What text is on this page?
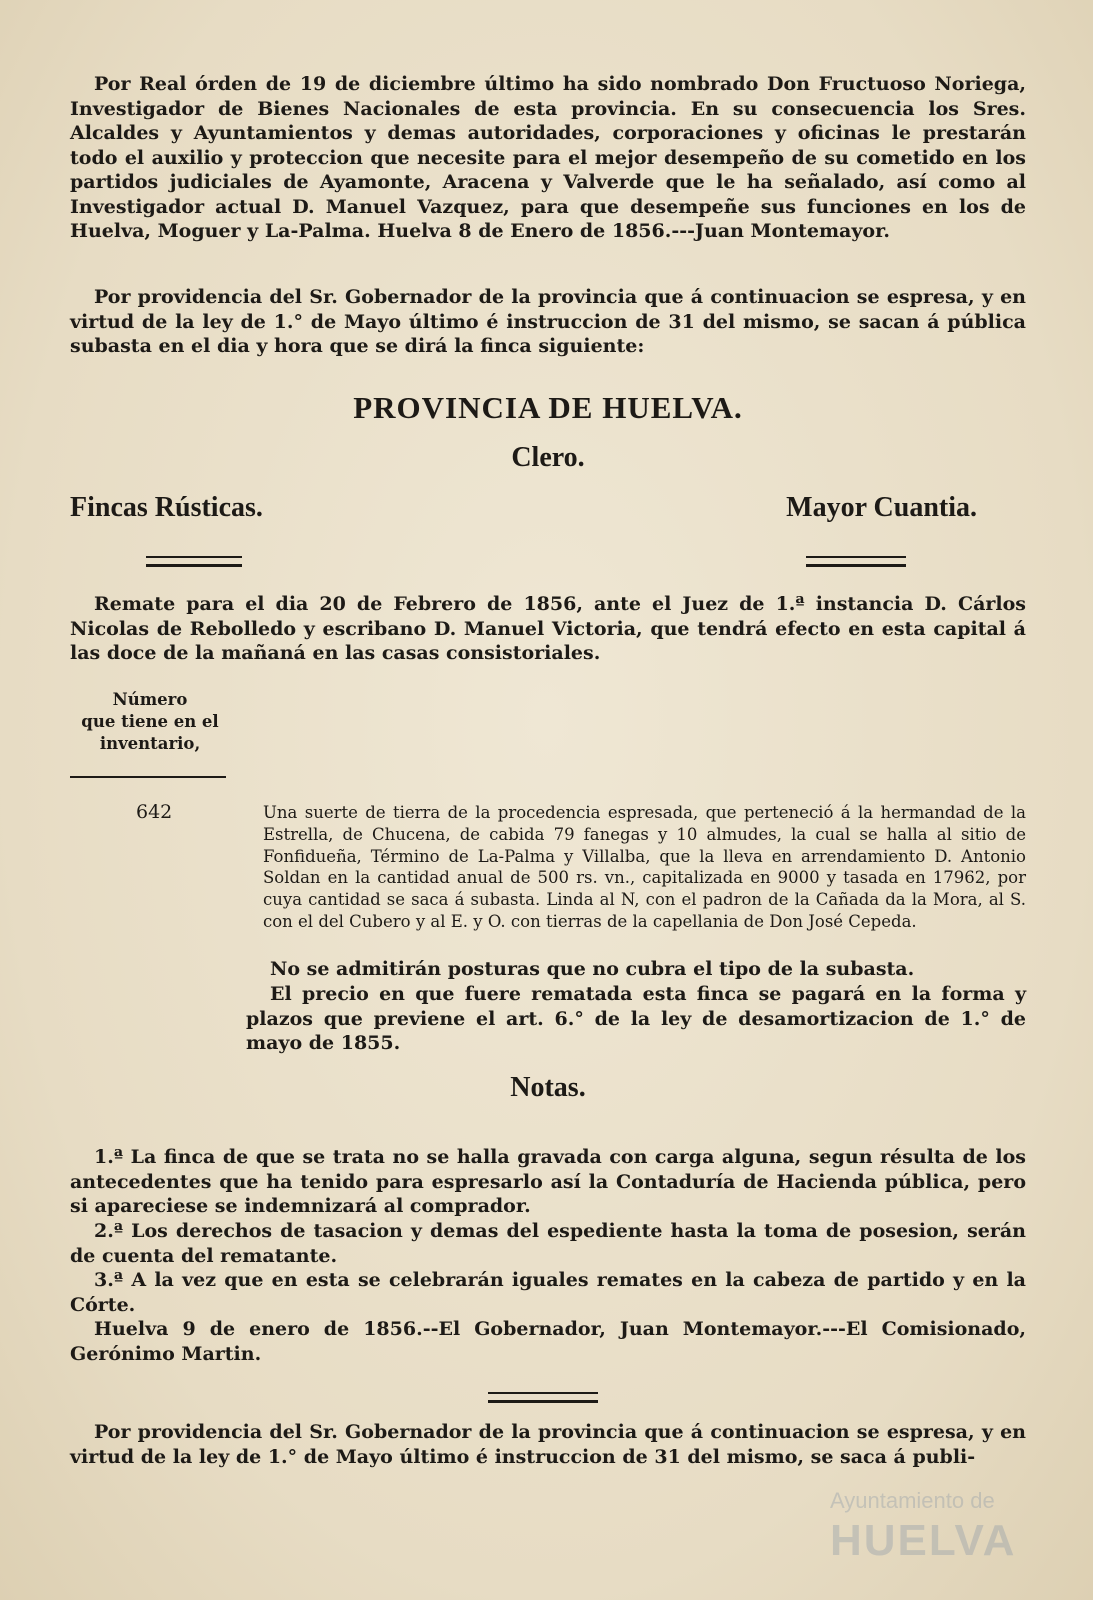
Por Real órden de 19 de diciembre último ha sido nombrado Don Fructuoso Noriega, Investigador de Bienes Nacionales de esta provincia. En su consecuencia los Sres. Alcaldes y Ayuntamientos y demas autoridades, corporaciones y oficinas le prestarán todo el auxilio y proteccion que necesite para el mejor desempeño de su cometido en los partidos judiciales de Ayamonte, Aracena y Valverde que le ha señalado, así como al Investigador actual D. Manuel Vazquez, para que desempeñe sus funciones en los de Huelva, Moguer y La-Palma. Huelva 8 de Enero de 1856.---Juan Montemayor.

Por providencia del Sr. Gobernador de la provincia que á continuacion se espresa, y en virtud de la ley de 1.° de Mayo último é instruccion de 31 del mismo, se sacan á pública subasta en el dia y hora que se dirá la finca siguiente:

PROVINCIA DE HUELVA.
Clero.
Fincas Rústicas.	Mayor Cuantia.

Remate para el dia 20 de Febrero de 1856, ante el Juez de 1.ª instancia D. Cárlos Nicolas de Rebolledo y escribano D. Manuel Victoria, que tendrá efecto en esta capital á las doce de la mañaná en las casas consistoriales.

Número
que tiene en el
inventario,
642	Una suerte de tierra de la procedencia espresada, que perteneció á la hermandad de la Estrella, de Chucena, de cabida 79 fanegas y 10 almudes, la cual se halla al sitio de Fonfidueña, Término de La-Palma y Villalba, que la lleva en arrendamiento D. Antonio Soldan en la cantidad anual de 500 rs. vn., capitalizada en 9000 y tasada en 17962, por cuya cantidad se saca á subasta. Linda al N, con el padron de la Cañada da la Mora, al S. con el del Cubero y al E. y O. con tierras de la capellania de Don José Cepeda.

No se admitirán posturas que no cubra el tipo de la subasta.

El precio en que fuere rematada esta finca se pagará en la forma y plazos que previene el art. 6.° de la ley de desamortizacion de 1.° de mayo de 1855.

Notas.

1.ª La finca de que se trata no se halla gravada con carga alguna, segun résulta de los antecedentes que ha tenido para espresarlo así la Contaduría de Hacienda pública, pero si apareciese se indemnizará al comprador.

2.ª Los derechos de tasacion y demas del espediente hasta la toma de posesion, serán de cuenta del rematante.

3.ª A la vez que en esta se celebrarán iguales remates en la cabeza de partido y en la Córte.

Huelva 9 de enero de 1856.--El Gobernador, Juan Montemayor.---El Comisionado, Gerónimo Martin.

Por providencia del Sr. Gobernador de la provincia que á continuacion se espresa, y en virtud de la ley de 1.° de Mayo último é instruccion de 31 del mismo, se saca á publi-

Ayuntamiento de
HUELVA
